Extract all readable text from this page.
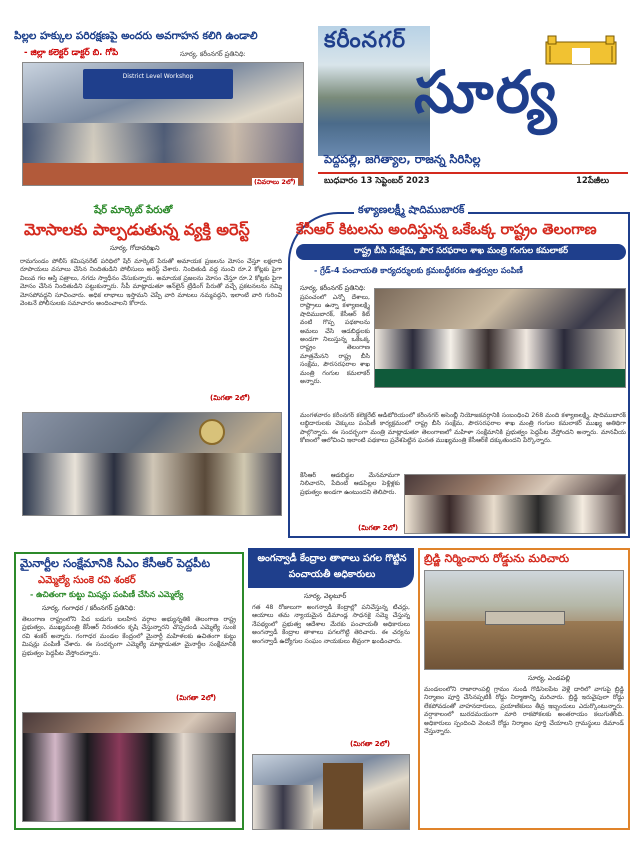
పిల్లల హక్కుల పరిరక్షణపై అందరు అవగాహన కలిగి ఉండాలి
- జిల్లా కలెక్టర్ డాక్టర్ బి. గోపి	సూర్య, కరీంనగర్ ప్రతినిధి:
District Level Workshop
(వివరాలు 2లో)
కరీంనగర్
సూర్య
పెద్దపల్లి, జగిత్యాల, రాజన్న సిరిసిల్ల
బుధవారం 13 సెప్టెంబర్ 2023	12పేజీలు
షేర్ మార్కెట్ పేరుతో
మోసాలకు పాల్పడుతున్న వ్యక్తి అరెస్ట్
సూర్య, గోదావరిఖని
రామగుండం పోలీస్ కమిషనరేట్ పరిధిలో షేర్ మార్కెట్ పేరుతో అమాయక ప్రజలను మోసం చేస్తూ లక్షలాది రూపాయలు వసూలు చేసిన నిందితుడిని పోలీసులు అరెస్ట్ చేశారు. నిందితుడి వద్ద నుంచి రూ.2 కోట్లకు పైగా విలువ గల ఆస్తి పత్రాలు, నగదు స్వాధీనం చేసుకున్నారు. అమాయక ప్రజలను మోసం చేస్తూ రూ.2 కోట్లకు పైగా మోసం చేసిన నిందితుడిని పట్టుకున్నారు. సీపీ మాట్లాడుతూ ఆన్‌లైన్ ట్రేడింగ్ పేరుతో వచ్చే ప్రకటనలను నమ్మి మోసపోవద్దని సూచించారు. అధిక లాభాలు ఇస్తామని చెప్పే వారి మాటలు నమ్మవద్దని, ఇలాంటి వారి గురించి వెంటనే పోలీసులకు సమాచారం అందించాలని కోరారు.
(మిగతా 2లో)
కళ్యాణలక్ష్మీ షాదిముబారక్
కేసీఆర్ కిటలను అందిస్తున్న ఒకేఒక్క రాష్ట్రం తెలంగాణ
రాష్ట్ర బీసి సంక్షేమ, పౌర సరఫరాల శాఖ మంత్రి గంగుల కమలాకర్
- గ్రేడ్-4 పంచాయతి కార్యదర్శులకు క్రమబద్ధీకరణ ఉత్తర్వుల పంపిణీ
సూర్య, కరీంనగర్ ప్రతినిధి:
ప్రపంచంలో ఎన్నో దేశాలు, రాష్ట్రాలు ఉన్నా కళ్యాణలక్ష్మి షాదిముబారక్, కేసీఆర్ కిట్ వంటి గొప్ప పథకాలను అమలు చేసి ఆడబిడ్డలకు అండగా నిలుస్తున్న ఒకేఒక్క రాష్ట్రం తెలంగాణ మాత్రమేనని రాష్ట్ర బీసి సంక్షేమ, పౌరసరఫరాల శాఖ మంత్రి గంగుల కమలాకర్ అన్నారు.
మంగళవారం కరీంనగర్ కలెక్టరేట్ ఆడిటోరియంలో కరీంనగర్ అసెంబ్లీ నియోజకవర్గానికి సంబంధించి 268 మంది కళ్యాణలక్ష్మి, షాదిముబారక్ లబ్ధిదారులకు చెక్కులు పంపిణీ కార్యక్రమంలో రాష్ట్ర బీసి సంక్షేమ, పౌరసరఫరాల శాఖ మంత్రి గంగుల కమలాకర్ ముఖ్య అతిథిగా పాల్గొన్నారు. ఈ సందర్భంగా మంత్రి మాట్లాడుతూ తెలంగాణలో మహిళా సంక్షేమానికి ప్రభుత్వం పెద్దపీట వేస్తోందని అన్నారు. మానవీయ కోణంలో ఆలోచించి ఇలాంటి పథకాలు ప్రవేశపెట్టిన ఘనత ముఖ్యమంత్రి కేసీఆర్‌కే దక్కుతుందని పేర్కొన్నారు.
కేసీఆర్ ఆడబిడ్డల మేనమామగా నిలిచారని, పేదింటి ఆడపిల్లల పెళ్లిళ్లకు ప్రభుత్వం అండగా ఉంటుందని తెలిపారు.
(మిగతా 2లో)
మైనార్టీల సంక్షేమానికి సీఎం కేసీఆర్ పెద్దపీట
ఎమ్మెల్యే సుంకె రవి శంకర్
- ఉచితంగా కుట్టు మిషన్లు పంపిణీ చేసిన ఎమ్మెల్యే
సూర్య, గంగాధర / కరీంనగర్ ప్రతినిధి:
తెలంగాణ రాష్ట్రంలోని పేద బడుగు బలహీన వర్గాల అభ్యున్నతికి తెలంగాణ రాష్ట్ర ప్రభుత్వం, ముఖ్యమంత్రి కేసీఆర్ నిరంతరం కృషి చేస్తున్నారని చొప్పదండి ఎమ్మెల్యే సుంకె రవి శంకర్ అన్నారు. గంగాధర మండల కేంద్రంలో మైనార్టీ మహిళలకు ఉచితంగా కుట్టు మిషన్లు పంపిణీ చేశారు. ఈ సందర్భంగా ఎమ్మెల్యే మాట్లాడుతూ మైనార్టీల సంక్షేమానికి ప్రభుత్వం పెద్దపీట వేస్తోందన్నారు.
(మిగతా 2లో)
అంగన్వాడీ కేంద్రాల తాళాలు పగల గొట్టిన పంచాయతీ అధికారులు
సూర్య, వెల్గటూర్
గత 48 రోజులుగా అంగన్వాడీ కేంద్రాల్లో పనిచేస్తున్న టీచర్లు, ఆయాలు తమ న్యాయమైన డిమాండ్ల సాధనకై సమ్మె చేస్తున్న నేపథ్యంలో ప్రభుత్వ ఆదేశాల మేరకు పంచాయతీ అధికారులు అంగన్వాడీ కేంద్రాల తాళాలు పగలగొట్టి తెరిచారు. ఈ చర్యను అంగన్వాడీ ఉద్యోగుల సంఘం నాయకులు తీవ్రంగా ఖండించారు.
(మిగతా 2లో)
బ్రిడ్జి నిర్మించారు రోడ్డును మరిచారు
సూర్య, ఎండపల్లి
మండలంలోని రాజారాంపల్లి గ్రామం నుండి గొడిసెలపేట వెళ్లే దారిలో వాగుపై బ్రిడ్జి నిర్మాణం పూర్తి చేసినప్పటికీ రోడ్డు నిర్మాణాన్ని మరిచారు. బ్రిడ్జి ఇరువైపులా రోడ్డు లేకపోవడంతో వాహనదారులు, ప్రయాణికులు తీవ్ర ఇబ్బందులు ఎదుర్కొంటున్నారు. వర్షాకాలంలో బురదమయంగా మారి రాకపోకలకు అంతరాయం కలుగుతోంది. అధికారులు స్పందించి వెంటనే రోడ్డు నిర్మాణం పూర్తి చేయాలని గ్రామస్థులు డిమాండ్ చేస్తున్నారు.
